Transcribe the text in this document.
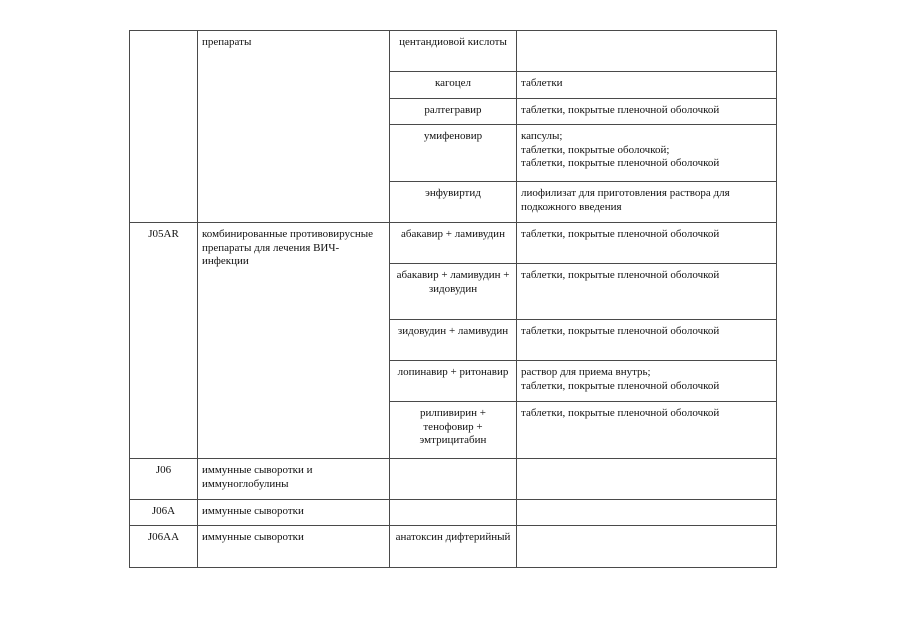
	препараты	центандиовой кислоты	

		кагоцел	таблетки

		ралтегравир	таблетки, покрытые пленочной оболочкой

		умифеновир	капсулы;
таблетки, покрытые оболочкой;
таблетки, покрытые пленочной оболочкой

		энфувиртид	лиофилизат для приготовления раствора для подкожного введения
J05AR	комбинированные противовирусные препараты для лечения ВИЧ-инфекции	абакавир + ламивудин	таблетки, покрытые пленочной оболочкой

		абакавир + ламивудин + зидовудин	таблетки, покрытые пленочной оболочкой

		зидовудин + ламивудин	таблетки, покрытые пленочной оболочкой

		лопинавир + ритонавир	раствор для приема внутрь;
таблетки, покрытые пленочной оболочкой

		рилпивирин + тенофовир + эмтрицитабин	таблетки, покрытые пленочной оболочкой

J06	иммунные сыворотки и иммуноглобулины		

J06A	иммунные сыворотки		

J06AA	иммунные сыворотки	анатоксин дифтерийный	
